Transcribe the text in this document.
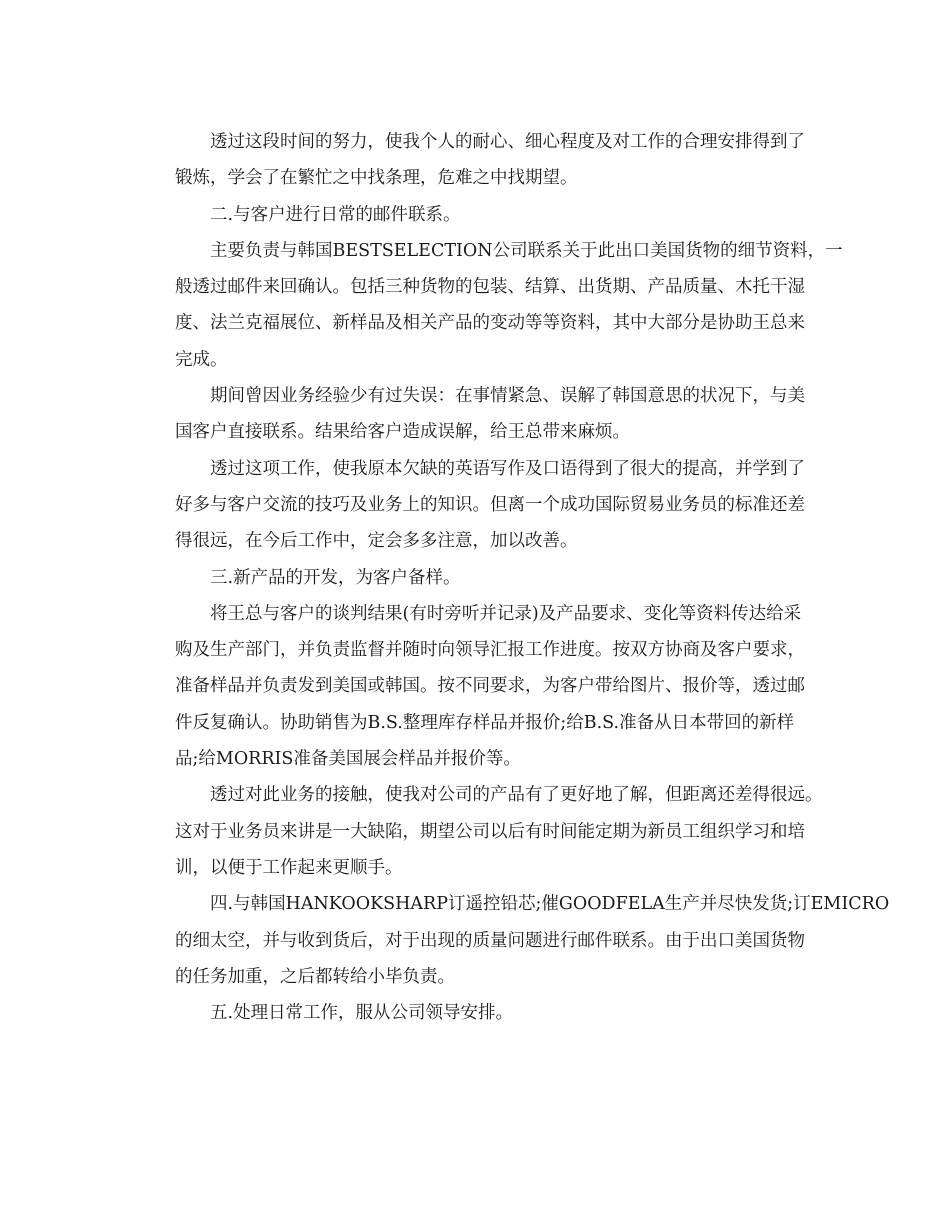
透过这段时间的努力，使我个人的耐心、细心程度及对工作的合理安排得到了
锻炼，学会了在繁忙之中找条理，危难之中找期望。
二.与客户进行日常的邮件联系。
主要负责与韩国BESTSELECTION公司联系关于此出口美国货物的细节资料，一
般透过邮件来回确认。包括三种货物的包装、结算、出货期、产品质量、木托干湿
度、法兰克福展位、新样品及相关产品的变动等等资料，其中大部分是协助王总来
完成。
期间曾因业务经验少有过失误：在事情紧急、误解了韩国意思的状况下，与美
国客户直接联系。结果给客户造成误解，给王总带来麻烦。
透过这项工作，使我原本欠缺的英语写作及口语得到了很大的提高，并学到了
好多与客户交流的技巧及业务上的知识。但离一个成功国际贸易业务员的标准还差
得很远，在今后工作中，定会多多注意，加以改善。
三.新产品的开发，为客户备样。
将王总与客户的谈判结果(有时旁听并记录)及产品要求、变化等资料传达给采
购及生产部门，并负责监督并随时向领导汇报工作进度。按双方协商及客户要求，
准备样品并负责发到美国或韩国。按不同要求，为客户带给图片、报价等，透过邮
件反复确认。协助销售为B.S.整理库存样品并报价;给B.S.准备从日本带回的新样
品;给MORRIS准备美国展会样品并报价等。
透过对此业务的接触，使我对公司的产品有了更好地了解，但距离还差得很远。
这对于业务员来讲是一大缺陷，期望公司以后有时间能定期为新员工组织学习和培
训，以便于工作起来更顺手。
四.与韩国HANKOOKSHARP订遥控铅芯;催GOODFELA生产并尽快发货;订EMICRO
的细太空，并与收到货后，对于出现的质量问题进行邮件联系。由于出口美国货物
的任务加重，之后都转给小毕负责。
五.处理日常工作，服从公司领导安排。
